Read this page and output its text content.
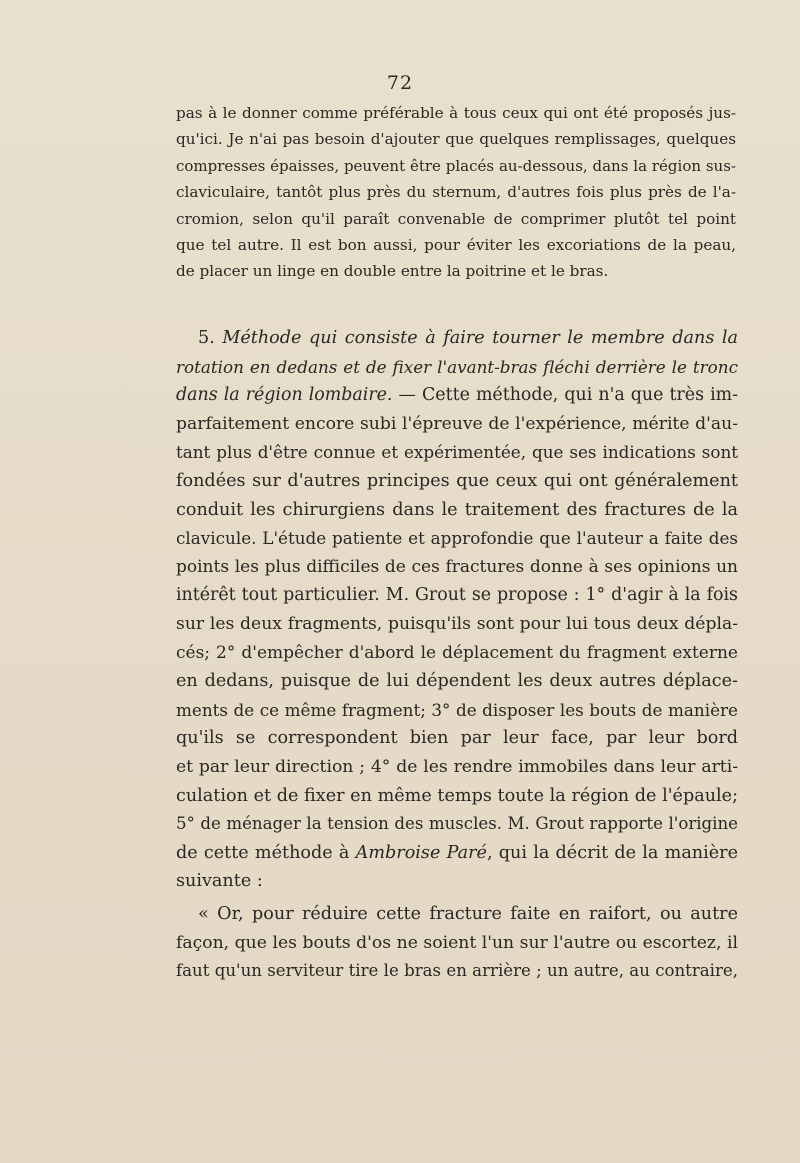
72
pas à le donner comme préférable à tous ceux qui ont été proposés jus-
qu'ici. Je n'ai pas besoin d'ajouter que quelques remplissages, quelques
compresses épaisses, peuvent être placés au-dessous, dans la région sus-
claviculaire, tantôt plus près du sternum, d'autres fois plus près de l'a-
cromion, selon qu'il paraît convenable de comprimer plutôt tel point
que tel autre. Il est bon aussi, pour éviter les excoriations de la peau,
de placer un linge en double entre la poitrine et le bras.
5. Méthode qui consiste à faire tourner le membre dans la
rotation en dedans et de fixer l'avant-bras fléchi derrière le tronc
dans la région lombaire. — Cette méthode, qui n'a que très im-
parfaitement encore subi l'épreuve de l'expérience, mérite d'au-
tant plus d'être connue et expérimentée, que ses indications sont
fondées sur d'autres principes que ceux qui ont généralement
conduit les chirurgiens dans le traitement des fractures de la
clavicule. L'étude patiente et approfondie que l'auteur a faite des
points les plus difficiles de ces fractures donne à ses opinions un
intérêt tout particulier. M. Grout se propose : 1° d'agir à la fois
sur les deux fragments, puisqu'ils sont pour lui tous deux dépla-
cés; 2° d'empêcher d'abord le déplacement du fragment externe
en dedans, puisque de lui dépendent les deux autres déplace-
ments de ce même fragment; 3° de disposer les bouts de manière
qu'ils se correspondent bien par leur face, par leur bord
et par leur direction ; 4° de les rendre immobiles dans leur arti-
culation et de fixer en même temps toute la région de l'épaule;
5° de ménager la tension des muscles. M. Grout rapporte l'origine
de cette méthode à Ambroise Paré, qui la décrit de la manière
suivante :
« Or, pour réduire cette fracture faite en raifort, ou autre
façon, que les bouts d'os ne soient l'un sur l'autre ou escortez, il
faut qu'un serviteur tire le bras en arrière ; un autre, au contraire,
